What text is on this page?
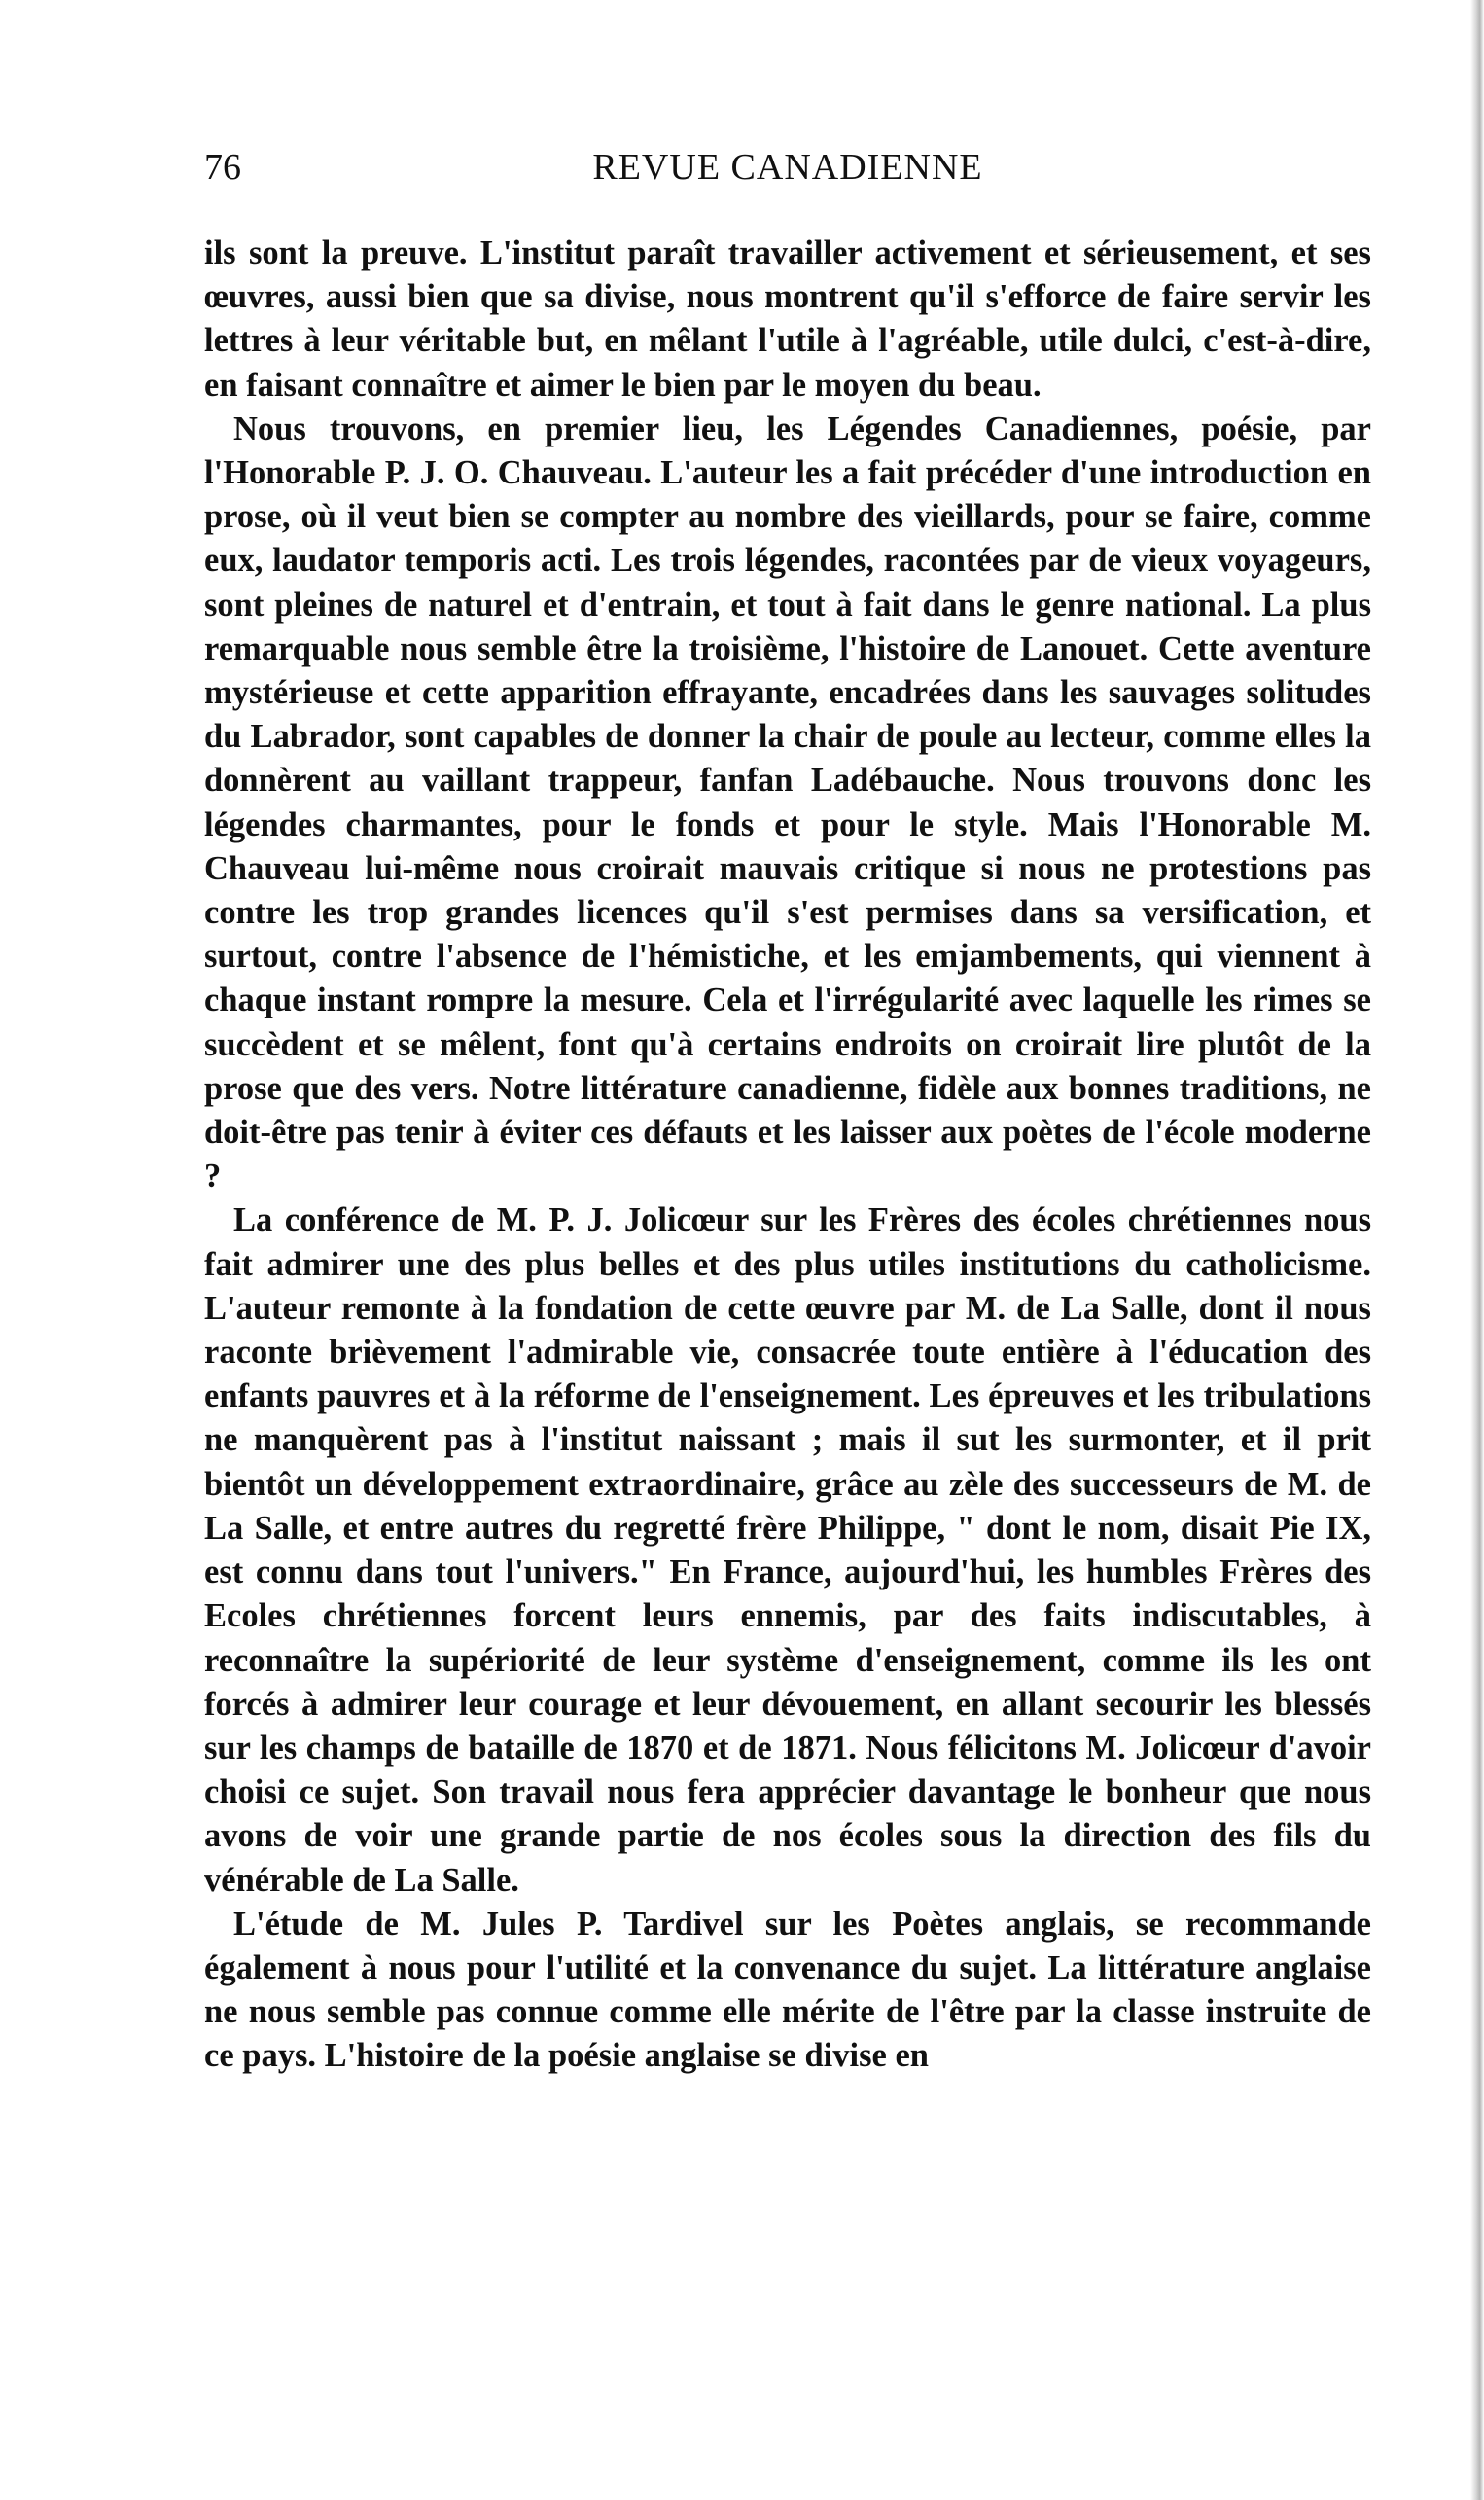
76	REVUE CANADIENNE

ils sont la preuve. L'institut paraît travailler activement et sérieusement, et ses œuvres, aussi bien que sa divise, nous montrent qu'il s'efforce de faire servir les lettres à leur véritable but, en mêlant l'utile à l'agréable, utile dulci, c'est-à-dire, en faisant connaître et aimer le bien par le moyen du beau.

Nous trouvons, en premier lieu, les Légendes Canadiennes, poésie, par l'Honorable P. J. O. Chauveau. L'auteur les a fait précéder d'une introduction en prose, où il veut bien se compter au nombre des vieillards, pour se faire, comme eux, laudator temporis acti. Les trois légendes, racontées par de vieux voyageurs, sont pleines de naturel et d'entrain, et tout à fait dans le genre national. La plus remarquable nous semble être la troisième, l'histoire de Lanouet. Cette aventure mystérieuse et cette apparition effrayante, encadrées dans les sauvages solitudes du Labrador, sont capables de donner la chair de poule au lecteur, comme elles la donnèrent au vaillant trappeur, fanfan Ladébauche. Nous trouvons donc les légendes charmantes, pour le fonds et pour le style. Mais l'Honorable M. Chauveau lui-même nous croirait mauvais critique si nous ne protestions pas contre les trop grandes licences qu'il s'est permises dans sa versification, et surtout, contre l'absence de l'hémistiche, et les emjambements, qui viennent à chaque instant rompre la mesure. Cela et l'irrégularité avec laquelle les rimes se succèdent et se mêlent, font qu'à certains endroits on croirait lire plutôt de la prose que des vers. Notre littérature canadienne, fidèle aux bonnes traditions, ne doit-être pas tenir à éviter ces défauts et les laisser aux poètes de l'école moderne ?

La conférence de M. P. J. Jolicœur sur les Frères des écoles chrétiennes nous fait admirer une des plus belles et des plus utiles institutions du catholicisme. L'auteur remonte à la fondation de cette œuvre par M. de La Salle, dont il nous raconte brièvement l'admirable vie, consacrée toute entière à l'éducation des enfants pauvres et à la réforme de l'enseignement. Les épreuves et les tribulations ne manquèrent pas à l'institut naissant ; mais il sut les surmonter, et il prit bientôt un développement extraordinaire, grâce au zèle des successeurs de M. de La Salle, et entre autres du regretté frère Philippe, " dont le nom, disait Pie IX, est connu dans tout l'univers." En France, aujourd'hui, les humbles Frères des Ecoles chrétiennes forcent leurs ennemis, par des faits indiscutables, à reconnaître la supériorité de leur système d'enseignement, comme ils les ont forcés à admirer leur courage et leur dévouement, en allant secourir les blessés sur les champs de bataille de 1870 et de 1871. Nous félicitons M. Jolicœur d'avoir choisi ce sujet. Son travail nous fera apprécier davantage le bonheur que nous avons de voir une grande partie de nos écoles sous la direction des fils du vénérable de La Salle.

L'étude de M. Jules P. Tardivel sur les Poètes anglais, se recommande également à nous pour l'utilité et la convenance du sujet. La littérature anglaise ne nous semble pas connue comme elle mérite de l'être par la classe instruite de ce pays. L'histoire de la poésie anglaise se divise en
